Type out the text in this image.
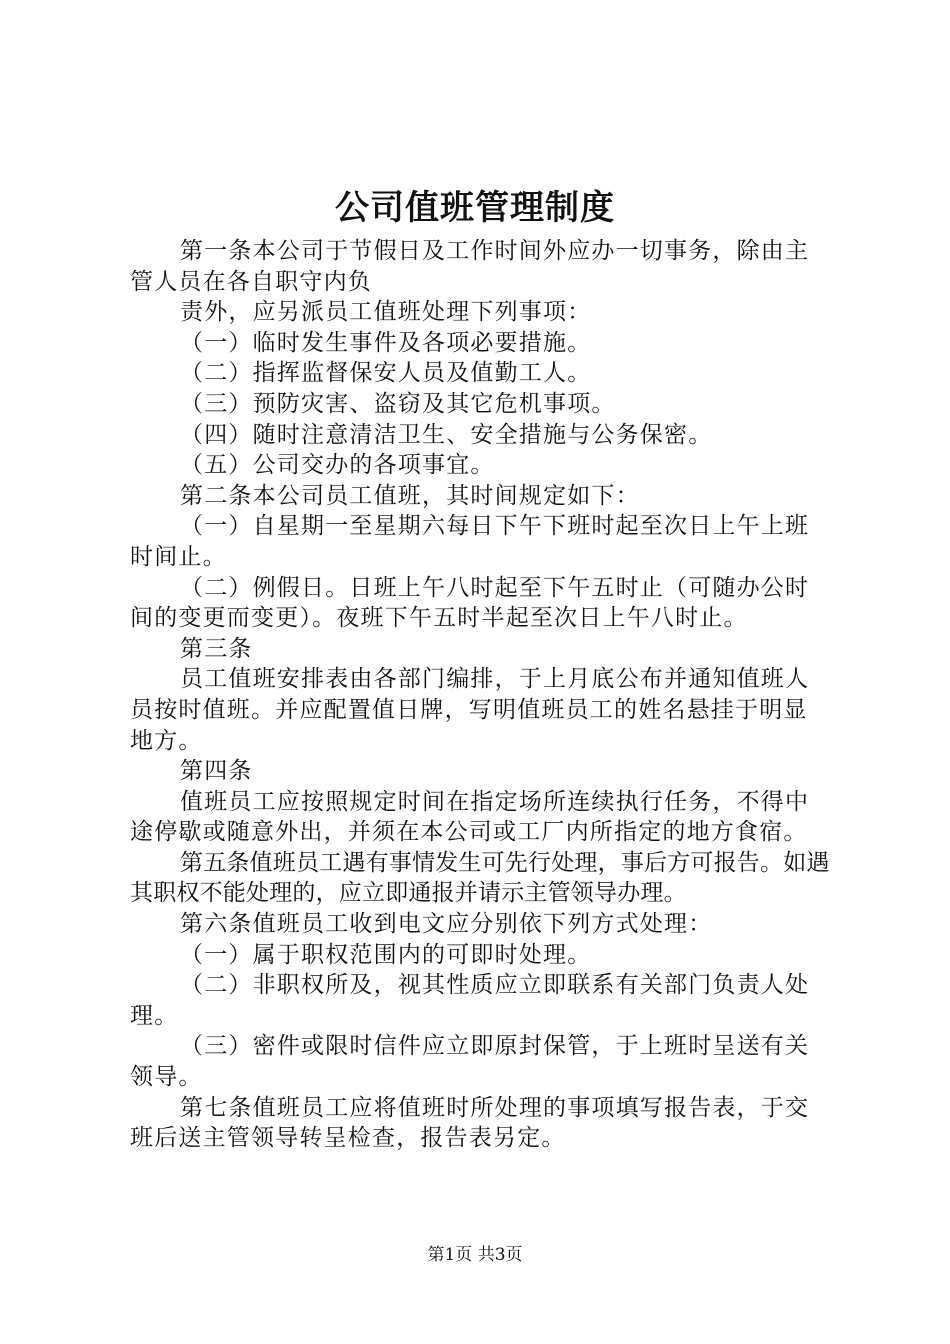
公司值班管理制度

第一条本公司于节假日及工作时间外应办一切事务，除由主管人员在各自职守内负

责外，应另派员工值班处理下列事项：

（一）临时发生事件及各项必要措施。

（二）指挥监督保安人员及值勤工人。

（三）预防灾害、盗窃及其它危机事项。

（四）随时注意清洁卫生、安全措施与公务保密。

（五）公司交办的各项事宜。

第二条本公司员工值班，其时间规定如下：

（一）自星期一至星期六每日下午下班时起至次日上午上班时间止。

（二）例假日。日班上午八时起至下午五时止（可随办公时间的变更而变更）。夜班下午五时半起至次日上午八时止。

第三条

员工值班安排表由各部门编排，于上月底公布并通知值班人员按时值班。并应配置值日牌，写明值班员工的姓名悬挂于明显地方。

第四条

值班员工应按照规定时间在指定场所连续执行任务，不得中途停歇或随意外出，并须在本公司或工厂内所指定的地方食宿。

第五条值班员工遇有事情发生可先行处理，事后方可报告。如遇其职权不能处理的，应立即通报并请示主管领导办理。

第六条值班员工收到电文应分别依下列方式处理：

（一）属于职权范围内的可即时处理。

（二）非职权所及，视其性质应立即联系有关部门负责人处理。

（三）密件或限时信件应立即原封保管，于上班时呈送有关领导。

第七条值班员工应将值班时所处理的事项填写报告表，于交班后送主管领导转呈检查，报告表另定。

第1页 共3页
